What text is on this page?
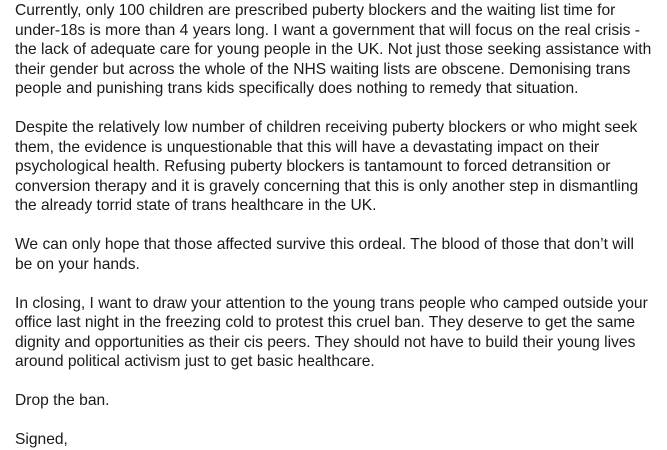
Currently, only 100 children are prescribed puberty blockers and the waiting list time for
under-18s is more than 4 years long. I want a government that will focus on the real crisis -
the lack of adequate care for young people in the UK. Not just those seeking assistance with
their gender but across the whole of the NHS waiting lists are obscene. Demonising trans
people and punishing trans kids specifically does nothing to remedy that situation.
Despite the relatively low number of children receiving puberty blockers or who might seek
them, the evidence is unquestionable that this will have a devastating impact on their
psychological health. Refusing puberty blockers is tantamount to forced detransition or
conversion therapy and it is gravely concerning that this is only another step in dismantling
the already torrid state of trans healthcare in the UK.
We can only hope that those affected survive this ordeal. The blood of those that don’t will
be on your hands.
In closing, I want to draw your attention to the young trans people who camped outside your
office last night in the freezing cold to protest this cruel ban. They deserve to get the same
dignity and opportunities as their cis peers. They should not have to build their young lives
around political activism just to get basic healthcare.
Drop the ban.
Signed,
